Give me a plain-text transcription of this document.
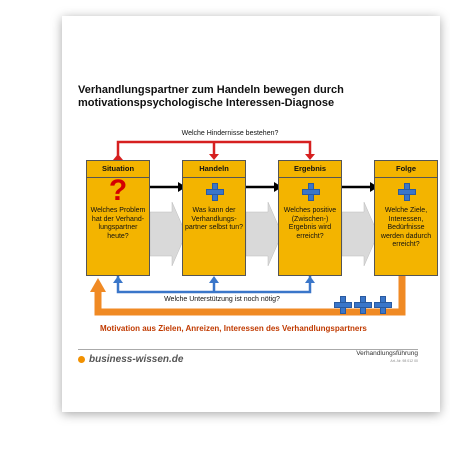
Verhandlungspartner zum Handeln bewegen durch
motivationspsychologische Interessen-Diagnose
Situation
?
Welches Problem hat der Verhand-lungspartner heute?
Handeln
Was kann der Verhandlungs-partner selbst tun?
Ergebnis
Welches positive (Zwischen-) Ergebnis wird erreicht?
Folge
Welche Ziele, Interessen, Bedürfnisse werden dadurch erreicht?
Welche Hindernisse bestehen?
Welche Unterstützung ist noch nötig?
Motivation aus Zielen, Anreizen, Interessen des Verhandlungspartners
business-wissen.de
Verhandlungsführung
Art.-Nr. 98 012 00
